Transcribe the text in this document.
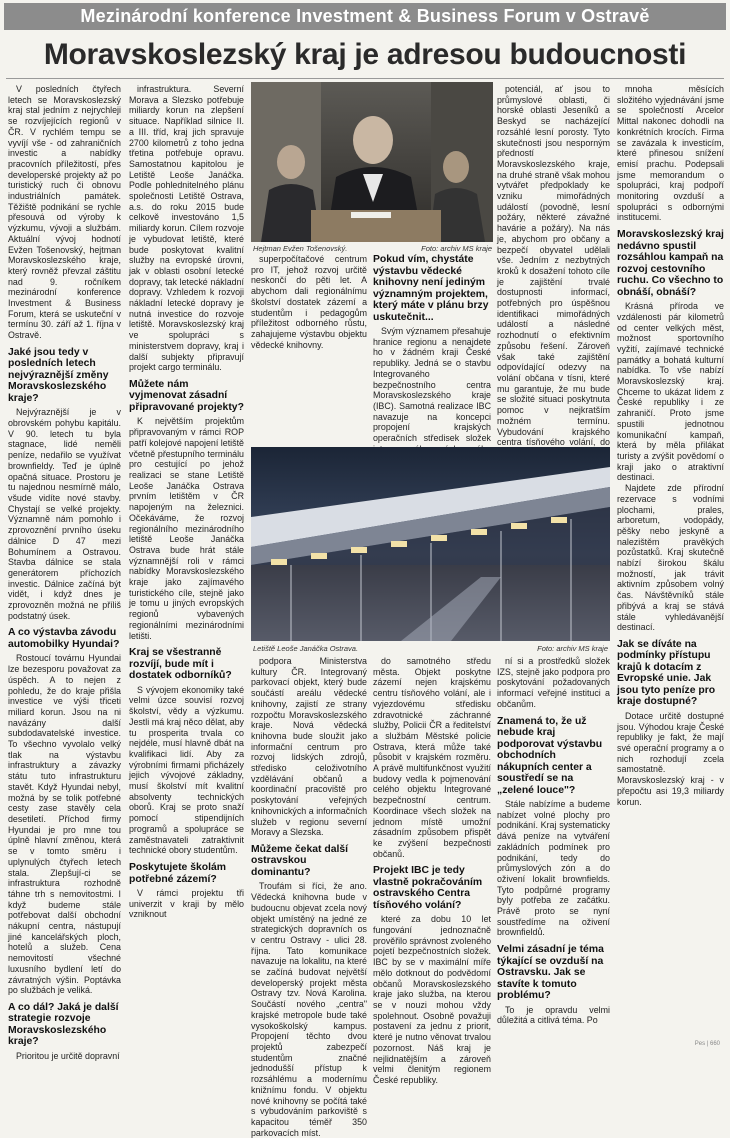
Mezinárodní konference Investment & Business Forum v Ostravě
Moravskoslezský kraj je adresou budoucnosti

V posledních čtyřech letech se Moravskoslezský kraj stal jedním z nejrychleji se rozvíjejících regionů v ČR. V rychlém tempu se vyvíjí vše - od zahraničních investic a nabídky pracovních příležitostí, přes developerské projekty až po turistický ruch či obnovu industriálních památek. Těžiště podnikání se rychle přesouvá od výroby k výzkumu, vývoji a službám. Aktuální vývoj hodnotí Evžen Tošenovský, hejtman Moravskoslezského kraje, který rovněž převzal záštitu nad 9. ročníkem mezinárodní konference Investment & Business Forum, která se uskuteční v termínu 30. září až 1. října v Ostravě.

Jaké jsou tedy v posledních letech nejvýraznější změny Moravskoslezského kraje?

Nejvýraznější je v obrovském pohybu kapitálu. V 90. letech tu byla stagnace, lidé neměli peníze, nedařilo se využívat brownfieldy. Teď je úplně opačná situace. Prostoru je tu najednou nesmírně málo, všude vidíte nové stavby. Chystají se velké projekty. Významně nám pomohlo i zprovoznění prvního úseku dálnice D 47 mezi Bohumínem a Ostravou. Stavba dálnice se stala generátorem příchozích investic. Dálnice začíná být vidět, i když dnes je zprovozněn možná ne příliš podstatný úsek.

A co výstavba závodu automobilky Hyundai?

Rostoucí továrnu Hyundai lze bezesporu považovat za úspěch. A to nejen z pohledu, že do kraje přišla investice ve výši třiceti miliard korun. Jsou na ni navázány další subdodavatelské investice. To všechno vyvolalo velký tlak na výstavbu infrastruktury a závazky státu tuto infrastrukturu stavět. Když Hyundai nebyl, možná by se tolik potřebné cesty zase stavěly cela desetiletí. Příchod firmy Hyundai je pro mne tou úplně hlavní změnou, která se v tomto směru i uplynulých čtyřech letech stala. Zlepšují-ci se infrastruktura rozhodně táhne trh s nemovitostmi. I když budeme stále potřebovat další obchodní nákupní centra, nástupují jiné kancelářských ploch, hotelů a služeb. Cena nemovitostí všechné luxusního bydlení letí do závratných výšin. Poptávka po službách je veliká.

A co dál? Jaká je další strategie rozvoje Moravskoslezského kraje?

Prioritou je určitě dopravní

infrastruktura. Severní Morava a Slezsko potřebuje miliardy korun na zlepšení situace. Například silnice II. a III. tříd, kraj jich spravuje 2700 kilometrů z toho jedna třetina potřebuje opravu. Samostatnou kapitolou je Letiště Leoše Janáčka. Podle pohlednitelného plánu společnosti Letiště Ostrava, a.s. do roku 2015 bude celkově investováno 1,5 miliardy korun. Cílem rozvoje je vybudovat letiště, které bude poskytovat kvalitní služby na evropské úrovni, jak v oblasti osobní letecké dopravy, tak letecké nákladní dopravy. Vzhledem k rozvoji nákladní letecké dopravy je nutná investice do rozvoje letiště. Moravskoslezský kraj ve spolupráci s ministerstvem dopravy, kraj i další subjekty připravují projekt cargo terminálu.

Můžete nám vyjmenovat zásadní připravované projekty?

K největším projektům připravovaným v rámci ROP patří kolejové napojení letiště včetně přestupního terminálu pro cestující po jehož realizaci se stane Letiště Leoše Janáčka Ostrava prvním letištěm v ČR napojeným na železnici. Očekáváme, že rozvoj regionálního mezinárodního letiště Leoše Janáčka Ostrava bude hrát stále významnější roli v rámci nabídky Moravskoslezského kraje jako zajímavého turistického cíle, stejně jako je tomu u jiných evropských regionů vybavených regionálními mezinárodními letišti.

Kraj se všestranně rozvíjí, bude mít i dostatek odborníků?

S vývojem ekonomiky také velmi úzce souvisí rozvoj školství, vědy a výzkumu. Jestli má kraj něco dělat, aby tu prosperita trvala co nejdéle, musí hlavně dbát na kvalifikaci lidí. Aby za výrobními firmami přicházely jejich vývojové základny, musí školství mít kvalitní absolventy technických oborů. Kraj se proto snaží pomocí stipendijních programů a spolupráce se zaměstnavateli zatraktivnit technické obory studentům.

Poskytujete školám potřebné zázemí?

V rámci projektu tři univerzit v kraji by mělo vzniknout

Hejtman Evžen Tošenovský.	Foto: archiv MS kraje

superpočítačové centrum pro IT, jehož rozvoj určitě neskončí do pěti let. A abychom dali regionálnímu školství dostatek zázemí a studentům i pedagogům příležitost odborného růstu, zahajujeme výstavbu objektu vědecké knihovny.

Pokud vím, chystáte výstavbu vědecké knihovny není jediným významným projektem, který máte v plánu brzy uskutečnit...

Svým významem přesahuje hranice regionu a nenajdete ho v žádném kraji České republiky. Jedná se o stavbu Integrovaného bezpečnostního centra Moravskoslezského kraje (IBC). Samotná realizace IBC navazuje na koncepci propojení krajských operačních středisek složek

potenciál, ať jsou to průmyslové oblasti, či horské oblasti Jeseníků a Beskyd se nacházející rozsáhlé lesní porosty. Tyto skutečnosti jsou nesporným předností Moravskoslezského kraje, na druhé straně však mohou vytvářet předpoklady ke vzniku mimořádných událostí (povodně, lesní požáry, některé závažné havárie a požáry). Na nás je, abychom pro občany a bezpečí obyvatel udělali vše. Jedním z nezbytných kroků k dosažení tohoto cíle je zajištění trvalé dostupnosti informací, potřebných pro úspěšnou identifikaci mimořádných událostí a následné rozhodnutí o efektivním způsobu řešení. Zároveň však také zajištění odpovídající odezvy na volání občana v tísni, které mu garantuje, že mu bude se složité situaci poskytnuta pomoc v nejkratším možném termínu. Vybudování krajského centra tísňového volání, do

Letiště Leoše Janáčka Ostrava.	Foto: archiv MS kraje

podpora Ministerstva kultury ČR. Integrovaný parkovací objekt, který bude součástí areálu vědecké knihovny, zajistí ze strany rozpočtu Moravskoslezského kraje. Nová vědecká knihovna bude sloužit jako informační centrum pro rozvoj lidských zdrojů, středisko celoživotního vzdělávání občanů a koordinační pracoviště pro poskytování veřejných knihovnických a informačních služeb v regionu severní Moravy a Slezska.

Můžeme čekat další ostravskou dominantu?

Troufám si říci, že ano. Vědecká knihovna bude v budoucnu objevat zcela nový objekt umístěný na jedné ze strategických dopravních os v centru Ostravy - ulici 28. října. Tato komunikace navazuje na lokalitu, na které se začíná budovat největší developerský projekt města Ostravy tzv. Nová Karolina. Součástí nového „centra" krajské metropole bude také vysokoškolský kampus. Propojení těchto dvou projektů zabezpečí studentům značné jednodušší přístup k rozsáhlému a modernímu knižnímu fondu. V objektu nové knihovny se počítá také s vybudováním parkoviště s kapacitou téměř 350 parkovacích míst.

do samotného středu města. Objekt poskytne zázemí nejen krajskému centru tísňového volání, ale i vyjezdovému středisku zdravotnické záchranné služby, Policii ČR a ředitelství a službám Městské policie Ostrava, která může také působit v krajském rozměru. A právě multifunkčnost využití budovy vedla k pojmenování celého objektu Integrované bezpečnostní centrum. Koordinace všech složek na jednom místě umožní zásadním způsobem přispět ke zvýšení bezpečnosti občanů.

Projekt IBC je tedy vlastně pokračováním ostravského Centra tísňového volání?

které za dobu 10 let fungování jednoznačně prověřilo správnost zvoleného pojetí bezpečnostních složek. IBC by se v maximální míře mělo dotknout do podvědomí občanů Moravskoslezského kraje jako služba, na kterou se v nouzi mohou vždy spolehnout. Osobně považuji postavení za jednu z priorit, které je nutno věnovat trvalou pozornost. Náš kraj je nejlidnatějším a zároveň velmi členitým regionem České republiky.

ní si a prostředků složek IZS, stejně jako podpora pro poskytování požadovaných informací veřejné instituci a občanům.

Znamená to, že už nebude kraj podporovat výstavbu obchodních nákupních center a soustředí se na „zelené louce"?

Stále nabízíme a budeme nabízet volné plochy pro podnikání. Kraj systematicky dává peníze na vytváření zakládních podmínek pro podnikání, tedy do průmyslových zón a do oživení lokalit brownfields. Tyto podpůrné programy byly potřeba ze začátku. Právě proto se nyní soustředíme na oživení brownfieldů.

Velmi zásadní je téma týkající se ovzduší na Ostravsku. Jak se stavíte k tomuto problému?

To je opravdu velmi důležitá a citlivá téma. Po

mnoha měsících složitého vyjednávání jsme se společností Arcelor Mittal nakonec dohodli na konkrétních krocích. Firma se zavázala k investicím, které přinesou snížení emisí prachu. Podepsali jsme memorandum o spolupráci, kraj podpoří monitoring ovzduší a spolupráci s odbornými institucemi.

Moravskoslezský kraj nedávno spustil rozsáhlou kampaň na rozvoj cestovního ruchu. Co všechno to obnáší, obnáší?

Krásná příroda ve vzdálenosti pár kilometrů od center velkých měst, možnost sportovního vyžití, zajímavé technické památky a bohatá kulturní nabídka. To vše nabízí Moravskoslezský kraj. Chceme to ukázat lidem z České republiky i ze zahraničí. Proto jsme spustili jednotnou komunikační kampaň, která by měla přilákat turisty a zvýšit povědomí o kraji jako o atraktivní destinaci.

Najdete zde přírodní rezervace s vodními plochami, prales, arboretum, vodopády, pěšky nebo jeskyně a nalezištěm pravěkých pozůstatků. Kraj skutečně nabízí širokou škálu možností, jak trávit aktivním způsobem volný čas. Návštěvníků stále přibývá a kraj se stává stále vyhledávanější destinací.

Jak se díváte na podmínky přístupu krajů k dotacím z Evropské unie. Jak jsou tyto peníze pro kraje dostupné?

Dotace určitě dostupné jsou. Výhodou kraje České republiky je fakt, že mají své operační programy a o nich rozhodují zcela samostatně. Moravskoslezský kraj - v přepočtu asi 19,3 miliardy korun.

Pes | 660
